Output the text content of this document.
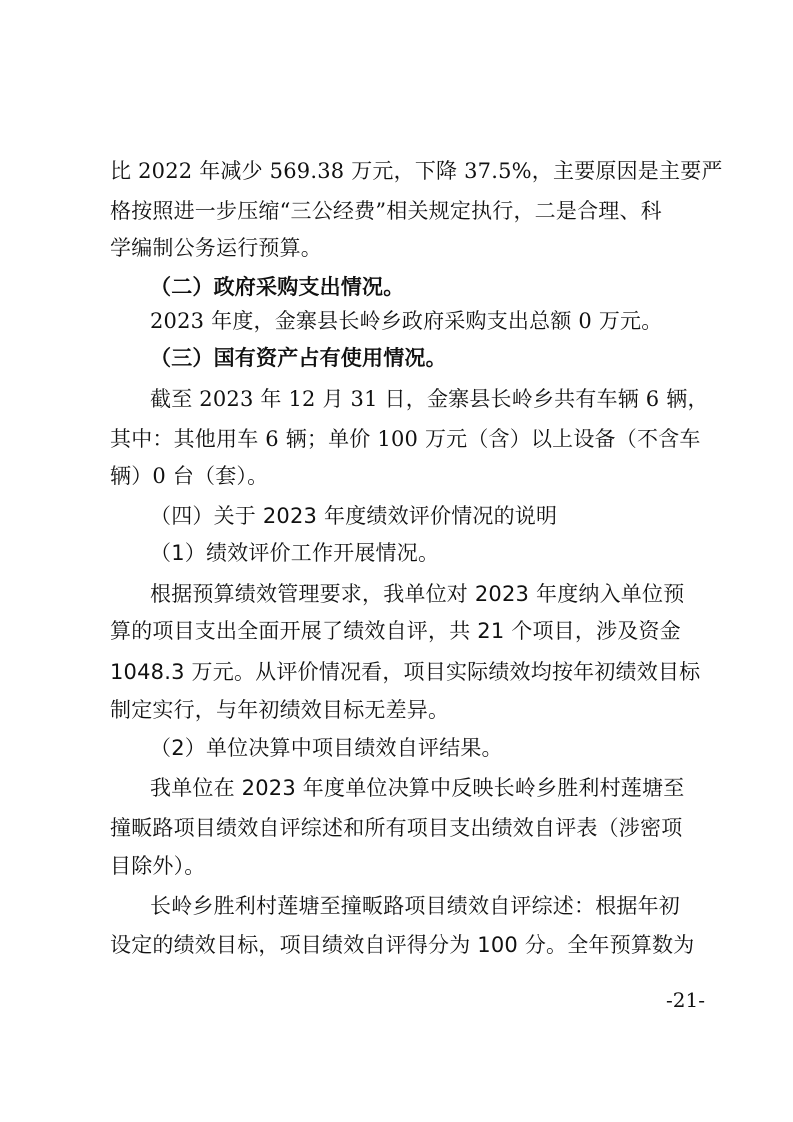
比 2022 年减少 569.38 万元，下降 37.5%，主要原因是主要严
格按照进一步压缩“三公经费”相关规定执行，二是合理、科
学编制公务运行预算。
（二）政府采购支出情况。
2023 年度，金寨县长岭乡政府采购支出总额 0 万元。
（三）国有资产占有使用情况。
截至 2023 年 12 月 31 日，金寨县长岭乡共有车辆 6 辆，
其中：其他用车 6 辆；单价 100 万元（含）以上设备（不含车
辆）0 台（套）。
（四）关于 2023 年度绩效评价情况的说明
（1）绩效评价工作开展情况。
根据预算绩效管理要求，我单位对 2023 年度纳入单位预
算的项目支出全面开展了绩效自评，共 21 个项目，涉及资金
1048.3 万元。从评价情况看，项目实际绩效均按年初绩效目标
制定实行，与年初绩效目标无差异。
（2）单位决算中项目绩效自评结果。
我单位在 2023 年度单位决算中反映长岭乡胜利村莲塘至
撞畈路项目绩效自评综述和所有项目支出绩效自评表（涉密项
目除外）。
长岭乡胜利村莲塘至撞畈路项目绩效自评综述：根据年初
设定的绩效目标，项目绩效自评得分为 100 分。全年预算数为
-21-
